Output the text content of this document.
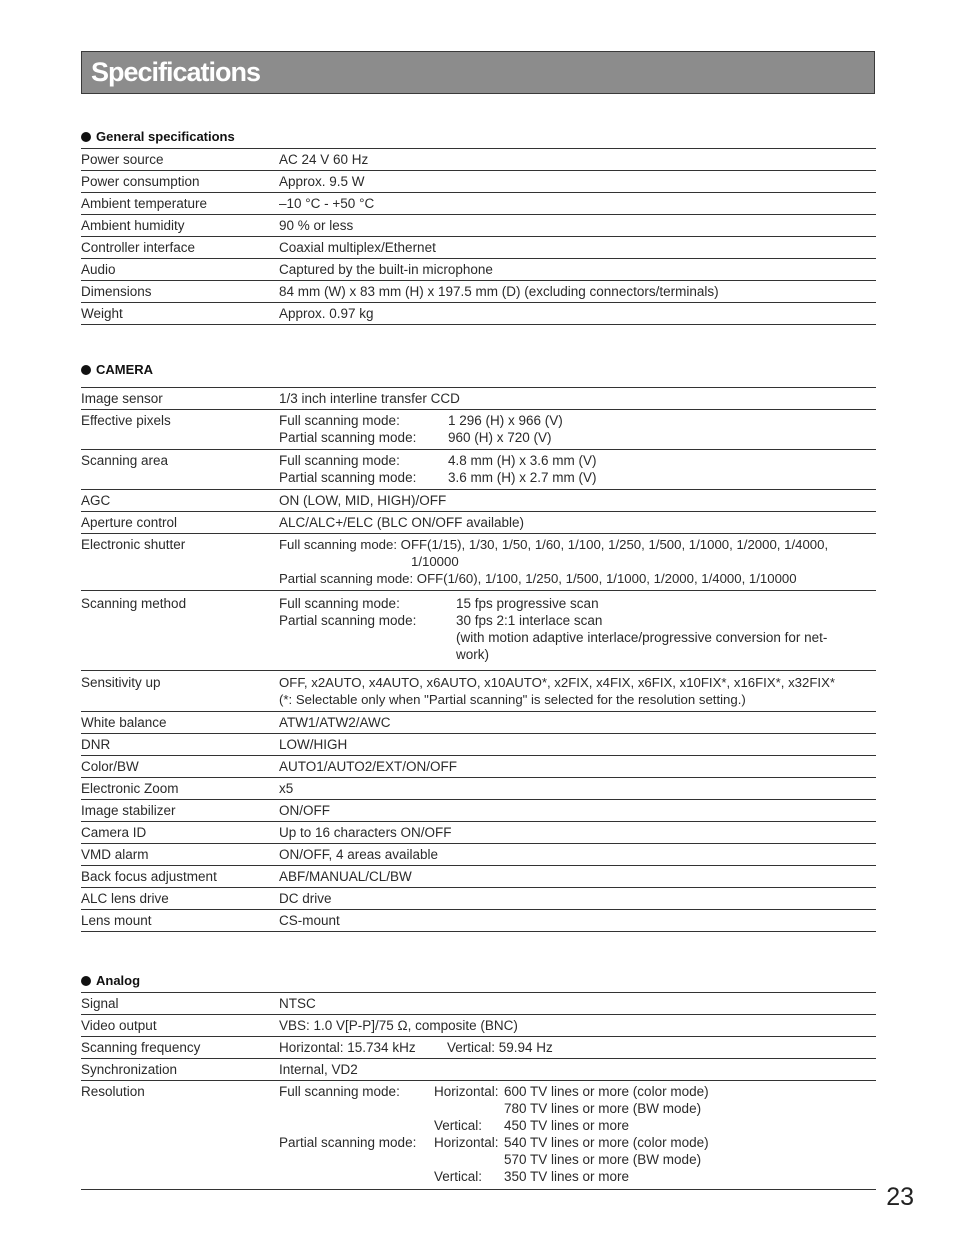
Specifications
General specifications
Power source	AC 24 V 60 Hz
Power consumption	Approx. 9.5 W
Ambient temperature	–10 °C - +50 °C
Ambient humidity	90 % or less
Controller interface	Coaxial multiplex/Ethernet
Audio	Captured by the built-in microphone
Dimensions	84 mm (W) x 83 mm (H) x 197.5 mm (D) (excluding connectors/terminals)
Weight	Approx. 0.97 kg
CAMERA
Image sensor	1/3 inch interline transfer CCD
Effective pixels	Full scanning mode:	1 296 (H) x 966 (V)
Partial scanning mode:	960 (H) x 720 (V)
Scanning area	Full scanning mode:	4.8 mm (H) x 3.6 mm (V)
Partial scanning mode:	3.6 mm (H) x 2.7 mm (V)
AGC	ON (LOW, MID, HIGH)/OFF
Aperture control	ALC/ALC+/ELC (BLC ON/OFF available)
Electronic shutter	Full scanning mode: OFF(1/15), 1/30, 1/50, 1/60, 1/100, 1/250, 1/500, 1/1000, 1/2000, 1/4000,
1/10000
Partial scanning mode: OFF(1/60), 1/100, 1/250, 1/500, 1/1000, 1/2000, 1/4000, 1/10000
Scanning method	Full scanning mode:	15 fps progressive scan
Partial scanning mode:	30 fps 2:1 interlace scan
(with motion adaptive interlace/progressive conversion for net-
work)
Sensitivity up	OFF, x2AUTO, x4AUTO, x6AUTO, x10AUTO*, x2FIX, x4FIX, x6FIX, x10FIX*, x16FIX*, x32FIX*
(*: Selectable only when "Partial scanning" is selected for the resolution setting.)
White balance	ATW1/ATW2/AWC
DNR	LOW/HIGH
Color/BW	AUTO1/AUTO2/EXT/ON/OFF
Electronic Zoom	x5
Image stabilizer	ON/OFF
Camera ID	Up to 16 characters ON/OFF
VMD alarm	ON/OFF, 4 areas available
Back focus adjustment	ABF/MANUAL/CL/BW
ALC lens drive	DC drive
Lens mount	CS-mount
Analog
Signal	NTSC
Video output	VBS: 1.0 V[P-P]/75 Ω, composite (BNC)
Scanning frequency	Horizontal: 15.734 kHz Vertical: 59.94 Hz
Synchronization	Internal, VD2
Resolution	Full scanning mode:	Horizontal: 600 TV lines or more (color mode)
780 TV lines or more (BW mode)
Vertical:	450 TV lines or more
Partial scanning mode:	Horizontal: 540 TV lines or more (color mode)
570 TV lines or more (BW mode)
Vertical:	350 TV lines or more
23
